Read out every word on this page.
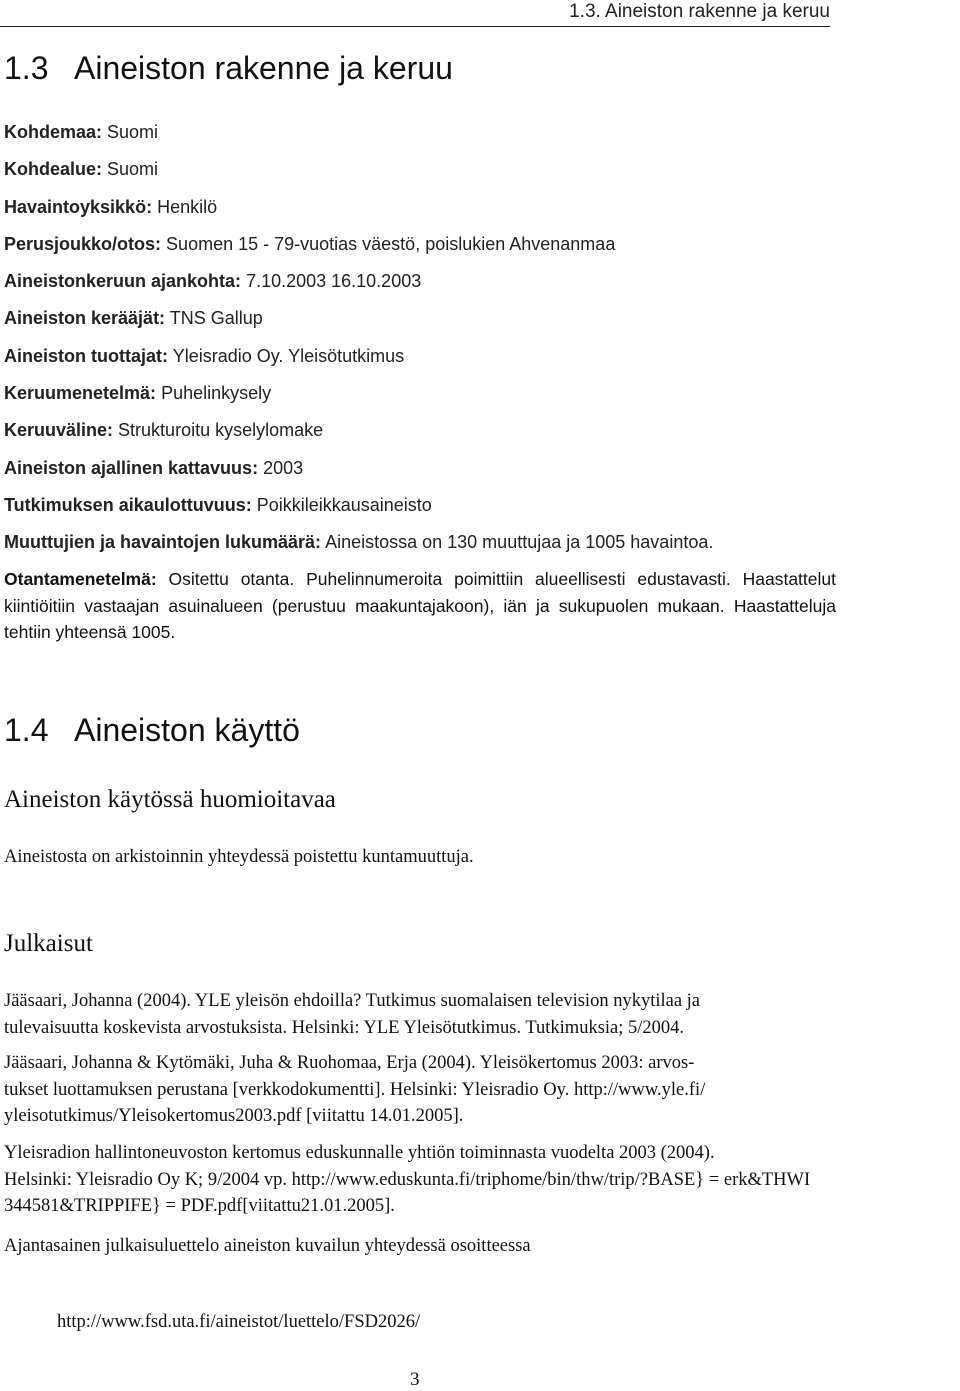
1.3. Aineiston rakenne ja keruu
1.3 Aineiston rakenne ja keruu
Kohdemaa: Suomi
Kohdealue: Suomi
Havaintoyksikkö: Henkilö
Perusjoukko/otos: Suomen 15 - 79-vuotias väestö, poislukien Ahvenanmaa
Aineistonkeruun ajankohta: 7.10.2003 16.10.2003
Aineiston kerääjät: TNS Gallup
Aineiston tuottajat: Yleisradio Oy. Yleisötutkimus
Keruumenetelmä: Puhelinkysely
Keruuväline: Strukturoitu kyselylomake
Aineiston ajallinen kattavuus: 2003
Tutkimuksen aikaulottuvuus: Poikkileikkausaineisto
Muuttujien ja havaintojen lukumäärä: Aineistossa on 130 muuttujaa ja 1005 havaintoa.

Otantamenetelmä: Ositettu otanta. Puhelinnumeroita poimittiin alueellisesti edustavasti. Haastattelut kiintiöitiin vastaajan asuinalueen (perustuu maakuntajakoon), iän ja sukupuolen mukaan. Haastatteluja tehtiin yhteensä 1005.

1.4 Aineiston käyttö
Aineiston käytössä huomioitavaa

Aineistosta on arkistoinnin yhteydessä poistettu kuntamuuttuja.

Julkaisut

Jääsaari, Johanna (2004). YLE yleisön ehdoilla? Tutkimus suomalaisen television nykytilaa ja
tulevaisuutta koskevista arvostuksista. Helsinki: YLE Yleisötutkimus. Tutkimuksia; 5/2004.

Jääsaari, Johanna & Kytömäki, Juha & Ruohomaa, Erja (2004). Yleisökertomus 2003: arvos-
tukset luottamuksen perustana [verkkodokumentti]. Helsinki: Yleisradio Oy. http://www.yle.fi/
yleisotutkimus/Yleisokertomus2003.pdf [viitattu 14.01.2005].

Yleisradion hallintoneuvoston kertomus eduskunnalle yhtiön toiminnasta vuodelta 2003 (2004).
Helsinki: Yleisradio Oy K; 9/2004 vp. http://www.eduskunta.fi/triphome/bin/thw/trip/?BASE} = erk&THWI
344581&TRIPPIFE} = PDF.pdf[viitattu21.01.2005].

Ajantasainen julkaisuluettelo aineiston kuvailun yhteydessä osoitteessa

http://www.fsd.uta.fi/aineistot/luettelo/FSD2026/
3
